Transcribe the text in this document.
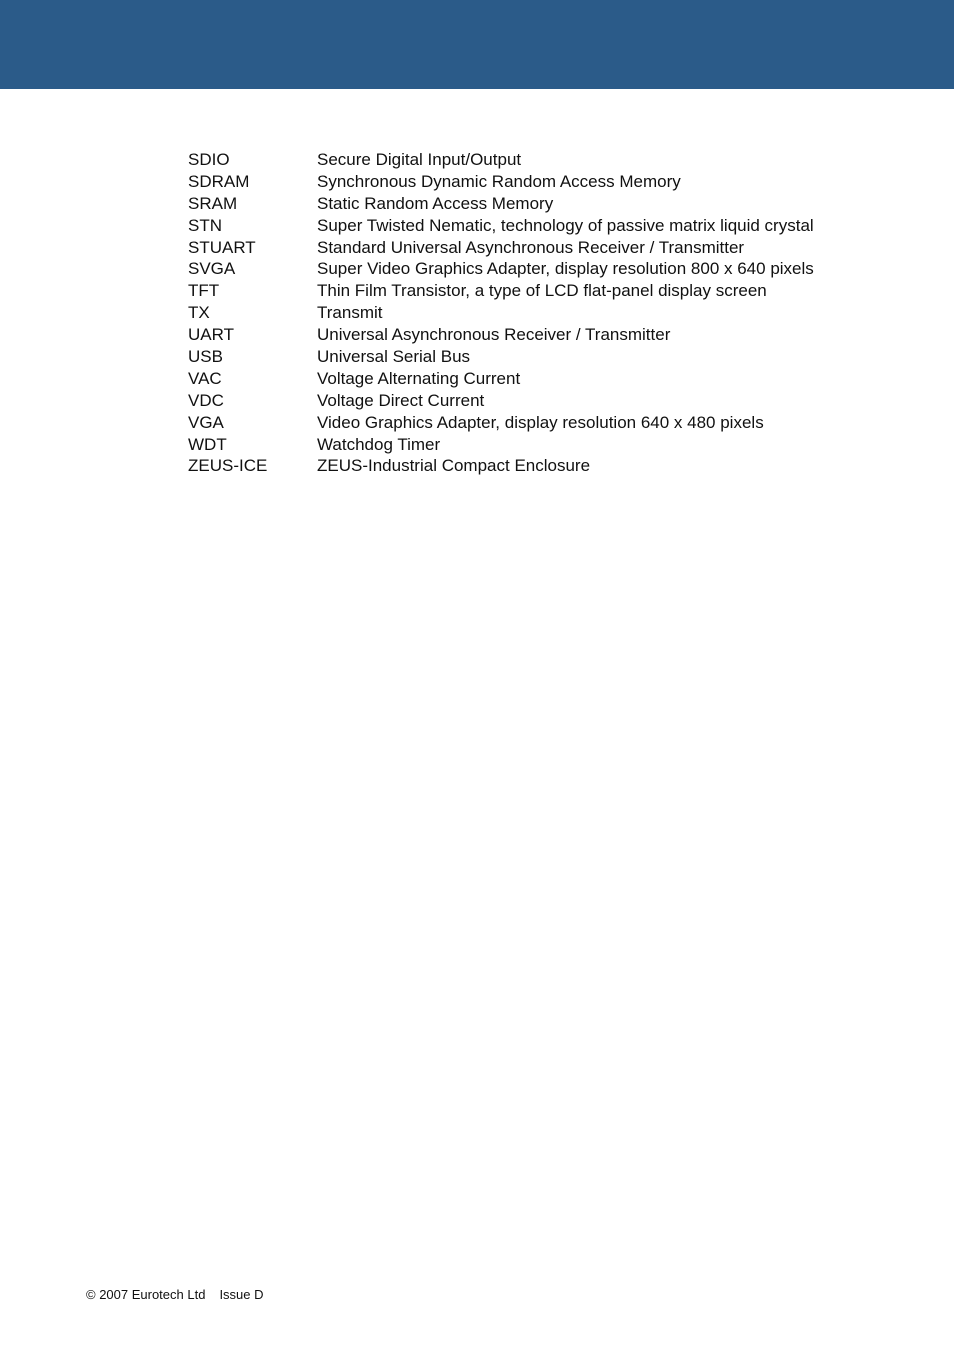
SDIO	Secure Digital Input/Output
SDRAM	Synchronous Dynamic Random Access Memory
SRAM	Static Random Access Memory
STN	Super Twisted Nematic, technology of passive matrix liquid crystal
STUART	Standard Universal Asynchronous Receiver / Transmitter
SVGA	Super Video Graphics Adapter, display resolution 800 x 640 pixels
TFT	Thin Film Transistor, a type of LCD flat-panel display screen
TX	Transmit
UART	Universal Asynchronous Receiver / Transmitter
USB	Universal Serial Bus
VAC	Voltage Alternating Current
VDC	Voltage Direct Current
VGA	Video Graphics Adapter, display resolution 640 x 480 pixels
WDT	Watchdog Timer
ZEUS-ICE	ZEUS-Industrial Compact Enclosure
© 2007 Eurotech Ltd Issue D
